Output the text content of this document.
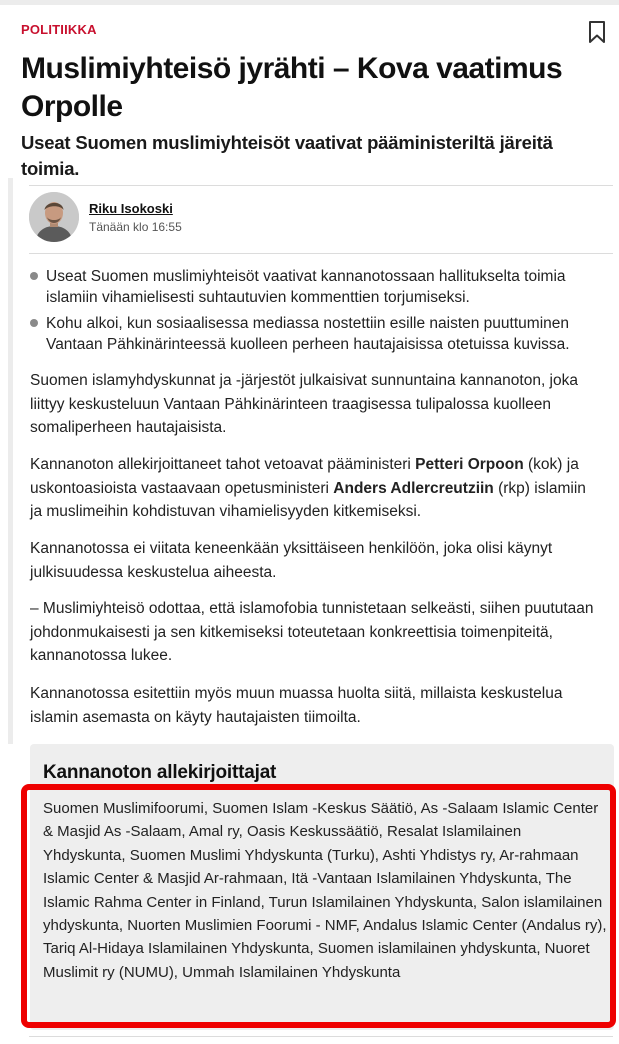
POLITIIKKA
Muslimiyhteisö jyrähti – Kova vaatimus Orpolle

Useat Suomen muslimiyhteisöt vaativat pääministeriltä järeitä toimia.

Riku Isokoski
Tänään klo 16:55
Useat Suomen muslimiyhteisöt vaativat kannanotossaan hallitukselta toimia islamiin vihamielisesti suhtautuvien kommenttien torjumiseksi.
Kohu alkoi, kun sosiaalisessa mediassa nostettiin esille naisten puuttuminen Vantaan Pähkinärinteessä kuolleen perheen hautajaisissa otetuissa kuvissa.

Suomen islamyhdyskunnat ja -järjestöt julkaisivat sunnuntaina kannanoton, joka liittyy keskusteluun Vantaan Pähkinärinteen traagisessa tulipalossa kuolleen somaliperheen hautajaisista.

Kannanoton allekirjoittaneet tahot vetoavat pääministeri Petteri Orpoon (kok) ja uskontoasioista vastaavaan opetusministeri Anders Adlercreutziin (rkp) islamiin ja muslimeihin kohdistuvan vihamielisyyden kitkemiseksi.

Kannanotossa ei viitata keneenkään yksittäiseen henkilöön, joka olisi käynyt julkisuudessa keskustelua aiheesta.

– Muslimiyhteisö odottaa, että islamofobia tunnistetaan selkeästi, siihen puututaan johdonmukaisesti ja sen kitkemiseksi toteutetaan konkreettisia toimenpiteitä, kannanotossa lukee.

Kannanotossa esitettiin myös muun muassa huolta siitä, millaista keskustelua islamin asemasta on käyty hautajaisten tiimoilta.

Kannanoton allekirjoittajat

Suomen Muslimifoorumi, Suomen Islam -Keskus Säätiö, As -Salaam Islamic Center & Masjid As -Salaam, Amal ry, Oasis Keskussäätiö, Resalat Islamilainen Yhdyskunta, Suomen Muslimi Yhdyskunta (Turku), Ashti Yhdistys ry, Ar-rahmaan Islamic Center & Masjid Ar-rahmaan, Itä -Vantaan Islamilainen Yhdyskunta, The Islamic Rahma Center in Finland, Turun Islamilainen Yhdyskunta, Salon islamilainen yhdyskunta, Nuorten Muslimien Foorumi - NMF, Andalus Islamic Center (Andalus ry), Tariq Al-Hidaya Islamilainen Yhdyskunta, Suomen islamilainen yhdyskunta, Nuoret Muslimit ry (NUMU), Ummah Islamilainen Yhdyskunta
